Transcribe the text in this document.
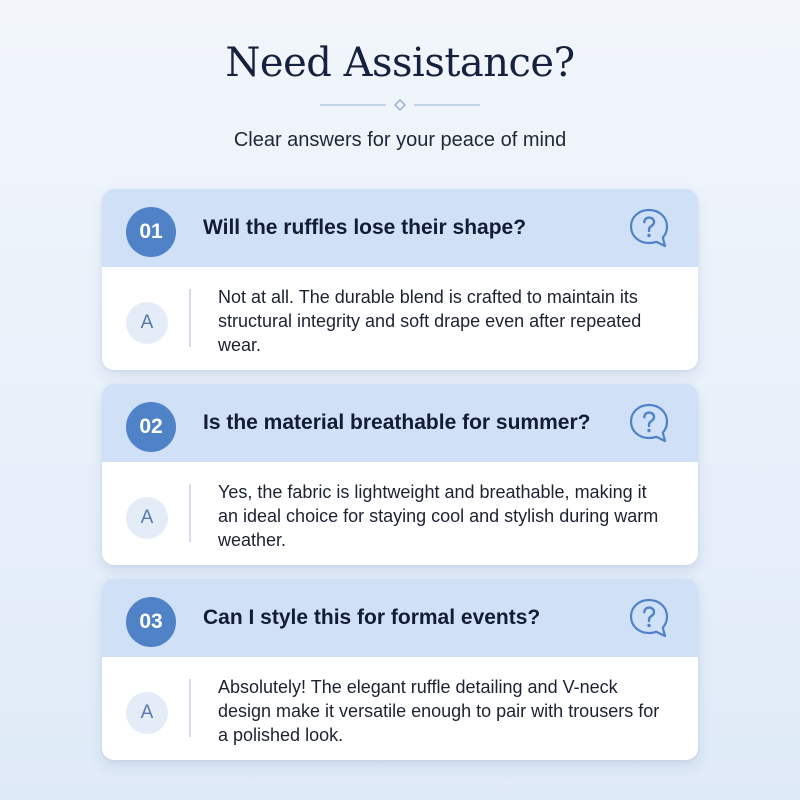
Need Assistance?

Clear answers for your peace of mind

01	Will the ruffles lose their shape?
A

Not at all. The durable blend is crafted to maintain its structural integrity and soft drape even after repeated wear.

02	Is the material breathable for summer?
A

Yes, the fabric is lightweight and breathable, making it an ideal choice for staying cool and stylish during warm weather.

03	Can I style this for formal events?
A

Absolutely! The elegant ruffle detailing and V-neck design make it versatile enough to pair with trousers for a polished look.
